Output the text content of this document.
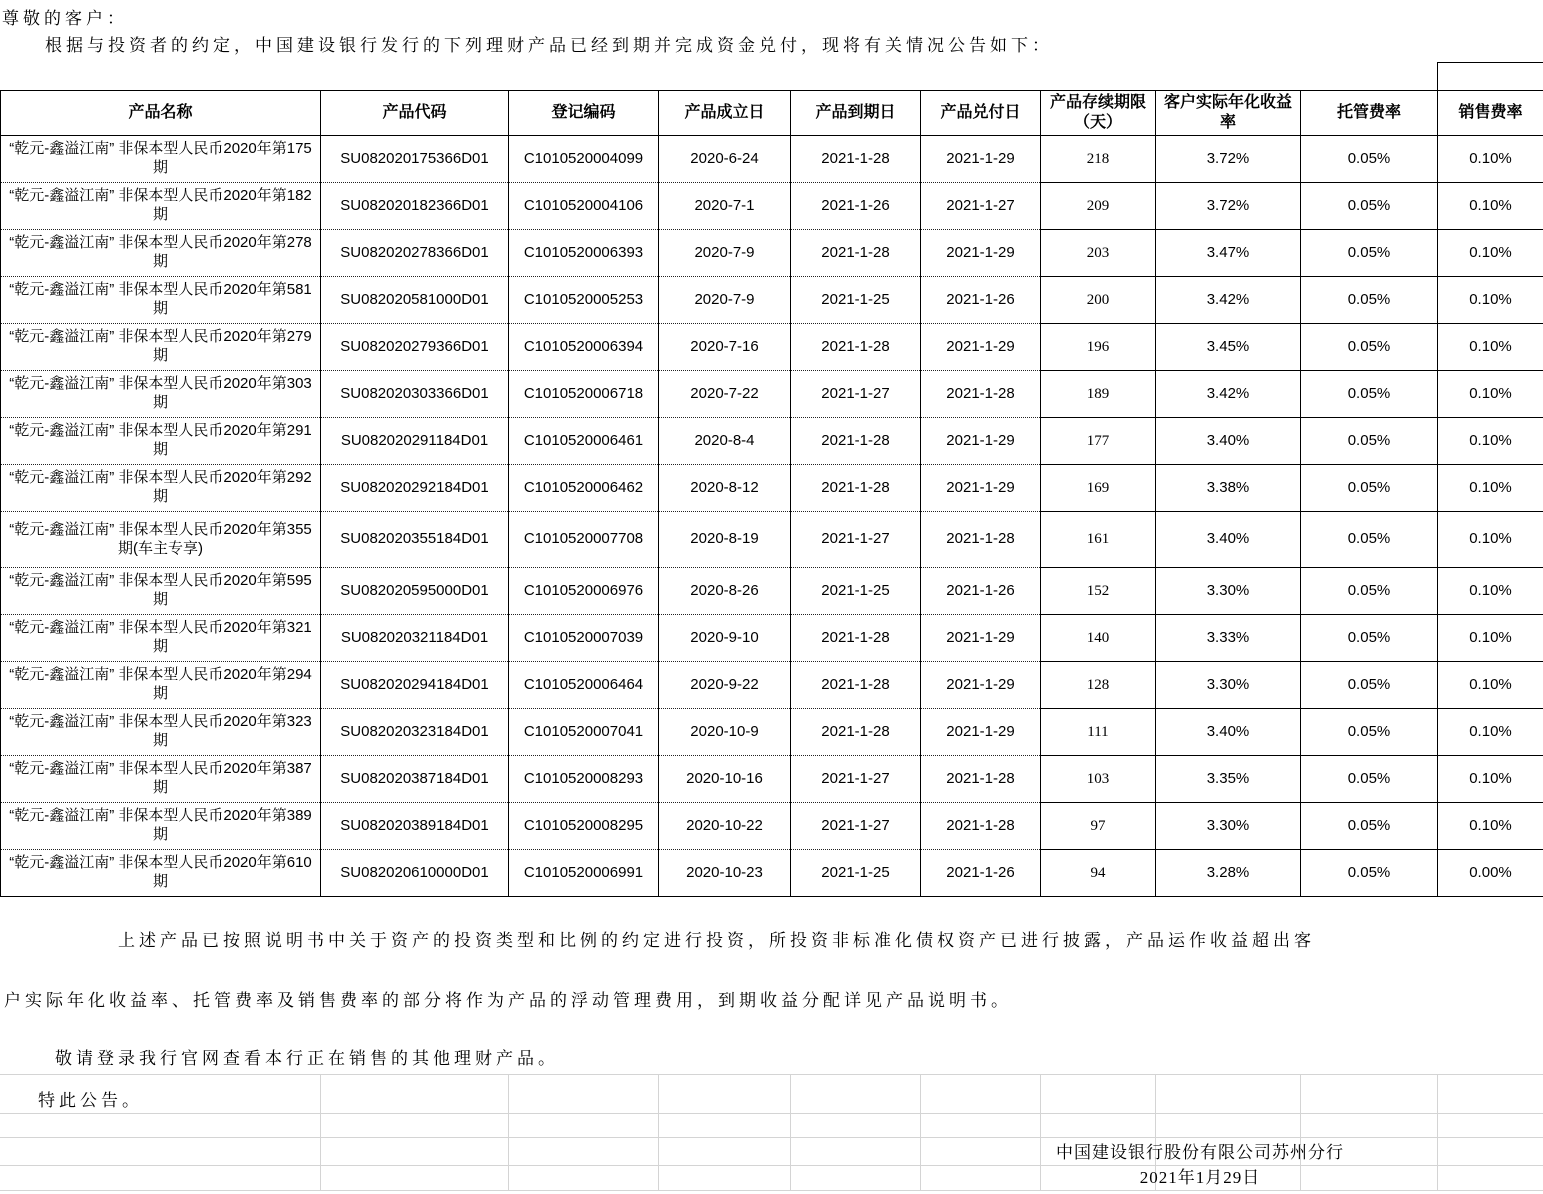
尊敬的客户：
根据与投资者的约定，中国建设银行发行的下列理财产品已经到期并完成资金兑付，现将有关情况公告如下：
产品名称	产品代码	登记编码	产品成立日	产品到期日	产品兑付日	产品存续期限（天）	客户实际年化收益率	托管费率	销售费率
“乾元-鑫溢江南” 非保本型人民币2020年第175期	SU082020175366D01	C1010520004099	2020-6-24	2021-1-28	2021-1-29	218	3.72%	0.05%	0.10%
“乾元-鑫溢江南” 非保本型人民币2020年第182期	SU082020182366D01	C1010520004106	2020-7-1	2021-1-26	2021-1-27	209	3.72%	0.05%	0.10%
“乾元-鑫溢江南” 非保本型人民币2020年第278期	SU082020278366D01	C1010520006393	2020-7-9	2021-1-28	2021-1-29	203	3.47%	0.05%	0.10%
“乾元-鑫溢江南” 非保本型人民币2020年第581期	SU082020581000D01	C1010520005253	2020-7-9	2021-1-25	2021-1-26	200	3.42%	0.05%	0.10%
“乾元-鑫溢江南” 非保本型人民币2020年第279期	SU082020279366D01	C1010520006394	2020-7-16	2021-1-28	2021-1-29	196	3.45%	0.05%	0.10%
“乾元-鑫溢江南” 非保本型人民币2020年第303期	SU082020303366D01	C1010520006718	2020-7-22	2021-1-27	2021-1-28	189	3.42%	0.05%	0.10%
“乾元-鑫溢江南” 非保本型人民币2020年第291期	SU082020291184D01	C1010520006461	2020-8-4	2021-1-28	2021-1-29	177	3.40%	0.05%	0.10%
“乾元-鑫溢江南” 非保本型人民币2020年第292期	SU082020292184D01	C1010520006462	2020-8-12	2021-1-28	2021-1-29	169	3.38%	0.05%	0.10%
“乾元-鑫溢江南” 非保本型人民币2020年第355期(车主专享)	SU082020355184D01	C1010520007708	2020-8-19	2021-1-27	2021-1-28	161	3.40%	0.05%	0.10%
“乾元-鑫溢江南” 非保本型人民币2020年第595期	SU082020595000D01	C1010520006976	2020-8-26	2021-1-25	2021-1-26	152	3.30%	0.05%	0.10%
“乾元-鑫溢江南” 非保本型人民币2020年第321期	SU082020321184D01	C1010520007039	2020-9-10	2021-1-28	2021-1-29	140	3.33%	0.05%	0.10%
“乾元-鑫溢江南” 非保本型人民币2020年第294期	SU082020294184D01	C1010520006464	2020-9-22	2021-1-28	2021-1-29	128	3.30%	0.05%	0.10%
“乾元-鑫溢江南” 非保本型人民币2020年第323期	SU082020323184D01	C1010520007041	2020-10-9	2021-1-28	2021-1-29	111	3.40%	0.05%	0.10%
“乾元-鑫溢江南” 非保本型人民币2020年第387期	SU082020387184D01	C1010520008293	2020-10-16	2021-1-27	2021-1-28	103	3.35%	0.05%	0.10%
“乾元-鑫溢江南” 非保本型人民币2020年第389期	SU082020389184D01	C1010520008295	2020-10-22	2021-1-27	2021-1-28	97	3.30%	0.05%	0.10%
“乾元-鑫溢江南” 非保本型人民币2020年第610期	SU082020610000D01	C1010520006991	2020-10-23	2021-1-25	2021-1-26	94	3.28%	0.05%	0.00%
上述产品已按照说明书中关于资产的投资类型和比例的约定进行投资，所投资非标准化债权资产已进行披露，产品运作收益超出客
户实际年化收益率、托管费率及销售费率的部分将作为产品的浮动管理费用，到期收益分配详见产品说明书。
敬请登录我行官网查看本行正在销售的其他理财产品。
特此公告。
中国建设银行股份有限公司苏州分行
2021年1月29日
